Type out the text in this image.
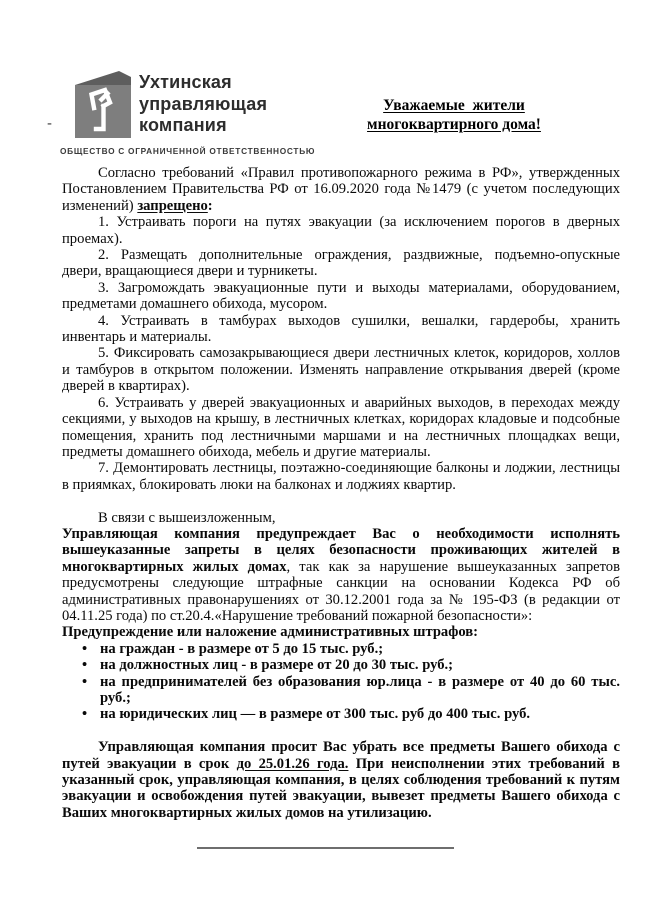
-
Ухтинская
управляющая
компания
ОБЩЕСТВО С ОГРАНИЧЕННОЙ ОТВЕТСТВЕННОСТЬЮ
Уважаемые  жители
многоквартирного дома!

Согласно требований «Правил противопожарного режима в РФ», утвержденных Постановлением Правительства РФ от 16.09.2020 года №1479 (с учетом последующих изменений) запрещено:

1. Устраивать пороги на путях эвакуации (за исключением порогов в дверных проемах).

2. Размещать дополнительные ограждения, раздвижные, подъемно-опускные двери, вращающиеся двери и турникеты.

3. Загромождать эвакуационные пути и выходы материалами, оборудованием, предметами домашнего обихода, мусором.

4. Устраивать в тамбурах выходов сушилки, вешалки, гардеробы, хранить инвентарь и материалы.

5. Фиксировать самозакрывающиеся двери лестничных клеток, коридоров, холлов и тамбуров в открытом положении. Изменять направление открывания дверей (кроме дверей в квартирах).

6. Устраивать у дверей эвакуационных и аварийных выходов, в переходах между секциями, у выходов на крышу, в лестничных клетках, коридорах кладовые и подсобные помещения, хранить под лестничными маршами и на лестничных площадках вещи, предметы домашнего обихода, мебель и другие материалы.

7. Демонтировать лестницы, поэтажно-соединяющие балконы и лоджии, лестницы в приямках, блокировать люки на балконах и лоджиях квартир.

В связи с вышеизложенным,

Управляющая компания предупреждает Вас о необходимости исполнять вышеуказанные запреты в целях безопасности проживающих жителей в многоквартирных жилых домах, так как за нарушение вышеуказанных запретов предусмотрены следующие штрафные санкции на основании Кодекса РФ об административных правонарушениях от 30.12.2001 года за № 195-ФЗ (в редакции от 04.11.25 года) по ст.20.4.«Нарушение требований пожарной безопасности»:

Предупреждение или наложение административных штрафов:

• на граждан - в размере от 5 до 15 тыс. руб.;
• на должностных лиц - в размере от 20 до 30 тыс. руб.;
• на предпринимателей без образования юр.лица - в размере от 40 до 60 тыс. руб.;
• на юридических лиц — в размере от 300 тыс. руб до 400 тыс. руб.

Управляющая компания просит Вас убрать все предметы Вашего обихода с путей эвакуации в срок до 25.01.26 года. При неисполнении этих требований в указанный срок, управляющая компания, в целях соблюдения требований к путям эвакуации и освобождения путей эвакуации, вывезет предметы Вашего обихода с Ваших многоквартирных жилых домов на утилизацию.
